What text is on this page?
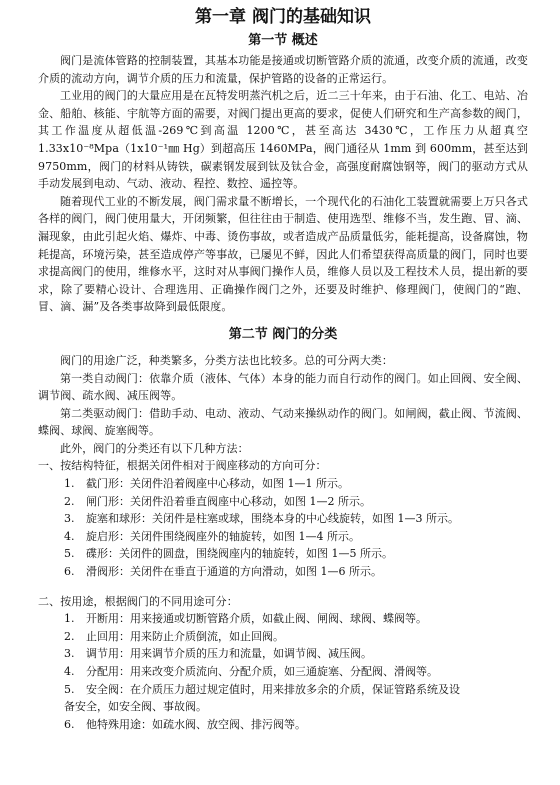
第一章 阀门的基础知识
第一节 概述

阀门是流体管路的控制装置，其基本功能是接通或切断管路介质的流通，改变介质的流通，改变介质的流动方向，调节介质的压力和流量，保护管路的设备的正常运行。

工业用的阀门的大量应用是在瓦特发明蒸汽机之后，近二三十年来，由于石油、化工、电站、冶金、船舶、核能、宇航等方面的需要，对阀门提出更高的要求，促使人们研究和生产高参数的阀门，其工作温度从超低温-269℃到高温 1200℃，甚至高达 3430℃，工作压力从超真空 1.33x10⁻⁸Mpa（1x10⁻¹㎜ Hg）到超高压 1460MPa，阀门通径从 1mm 到 600mm，甚至达到 9750mm，阀门的材料从铸铁，碳素钢发展到钛及钛合金，高强度耐腐蚀钢等，阀门的驱动方式从手动发展到电动、气动、液动、程控、数控、遥控等。

随着现代工业的不断发展，阀门需求量不断增长，一个现代化的石油化工装置就需要上万只各式各样的阀门，阀门使用量大，开闭频繁，但往往由于制造、使用选型、维修不当，发生跑、冒、滴、漏现象，由此引起火焰、爆炸、中毒、烫伤事故，或者造成产品质量低劣，能耗提高，设备腐蚀，物耗提高，环境污染，甚至造成停产等事故，已屡见不鲜，因此人们希望获得高质量的阀门，同时也要求提高阀门的使用，维修水平，这时对从事阀门操作人员，维修人员以及工程技术人员，提出新的要求，除了要精心设计、合理选用、正确操作阀门之外，还要及时维护、修理阀门，使阀门的“跑、冒、滴、漏”及各类事故降到最低限度。

第二节 阀门的分类

阀门的用途广泛，种类繁多，分类方法也比较多。总的可分两大类：

第一类自动阀门：依靠介质（液体、气体）本身的能力而自行动作的阀门。如止回阀、安全阀、调节阀、疏水阀、减压阀等。

第二类驱动阀门：借助手动、电动、液动、气动来操纵动作的阀门。如闸阀，截止阀、节流阀、蝶阀、球阀、旋塞阀等。

此外，阀门的分类还有以下几种方法：

一、按结构特征，根据关闭件相对于阀座移动的方向可分：

1. 截门形：关闭件沿着阀座中心移动，如图 1—1 所示。
2. 闸门形：关闭件沿着垂直阀座中心移动，如图 1—2 所示。
3. 旋塞和球形：关闭件是柱塞或球，围绕本身的中心线旋转，如图 1—3 所示。
4. 旋启形：关闭件围绕阀座外的轴旋转，如图 1—4 所示。
5. 碟形：关闭件的圆盘，围绕阀座内的轴旋转，如图 1—5 所示。
6. 滑阀形：关闭件在垂直于通道的方向滑动，如图 1—6 所示。

二、按用途，根据阀门的不同用途可分：

1. 开断用：用来接通或切断管路介质，如截止阀、闸阀、球阀、蝶阀等。
2. 止回用：用来防止介质倒流，如止回阀。
3. 调节用：用来调节介质的压力和流量，如调节阀、减压阀。
4. 分配用：用来改变介质流向、分配介质，如三通旋塞、分配阀、滑阀等。
5. 安全阀：在介质压力超过规定值时，用来排放多余的介质，保证管路系统及设
备安全，如安全阀、事故阀。
6. 他特殊用途：如疏水阀、放空阀、排污阀等。
